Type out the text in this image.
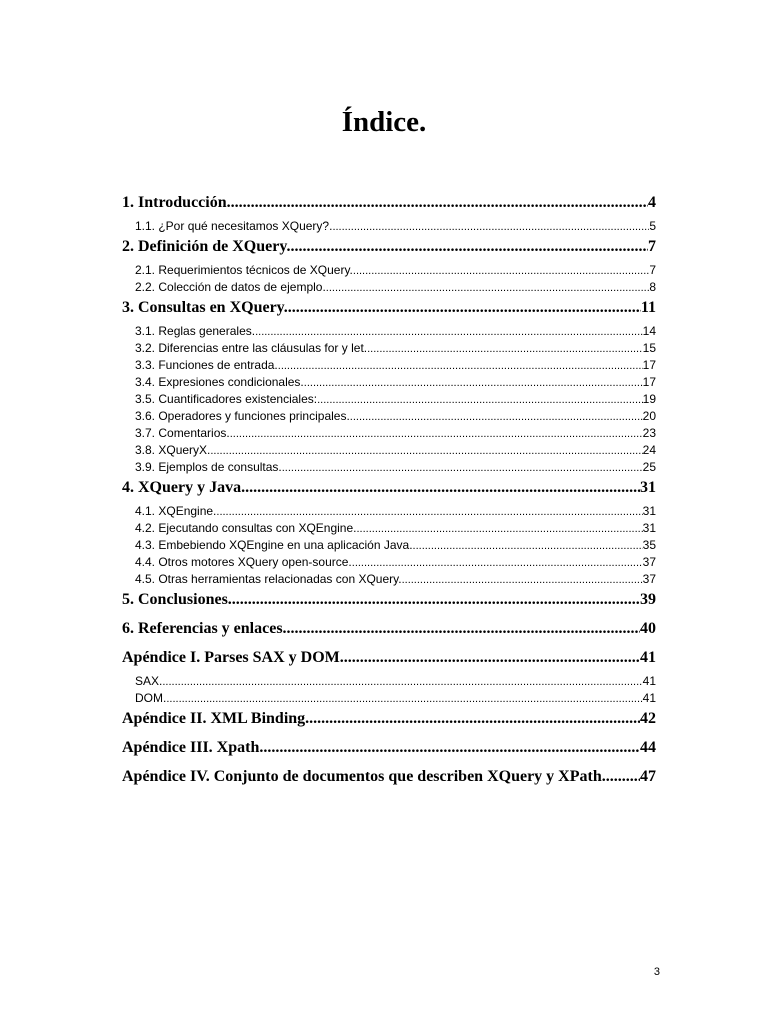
Índice.
1. Introducción. .....	4
1.1. ¿Por qué necesitamos XQuery?. .....	5
2. Definición de XQuery. .....	7
2.1. Requerimientos técnicos de XQuery. .....	7
2.2. Colección de datos de ejemplo. .....	8
3. Consultas en XQuery. .....	11
3.1. Reglas generales. .....	14
3.2. Diferencias entre las cláusulas for y let. .....	15
3.3. Funciones de entrada. .....	17
3.4. Expresiones condicionales. .....	17
3.5. Cuantificadores existenciales: .....	19
3.6. Operadores y funciones principales. .....	20
3.7. Comentarios. .....	23
3.8. XQueryX. .....	24
3.9. Ejemplos de consultas. .....	25
4. XQuery y Java. .....	31
4.1. XQEngine. .....	31
4.2. Ejecutando consultas con XQEngine. .....	31
4.3. Embebiendo XQEngine en una aplicación Java. .....	35
4.4. Otros motores XQuery open-source. .....	37
4.5. Otras herramientas relacionadas con XQuery. .....	37
5. Conclusiones. .....	39
6. Referencias y enlaces. .....	40
Apéndice I. Parses SAX y DOM. .....	41
SAX. .....	41
DOM. .....	41
Apéndice II. XML Binding .....	42
Apéndice III. Xpath. .....	44
Apéndice IV. Conjunto de documentos que describen XQuery y XPath. ..... 47
3
